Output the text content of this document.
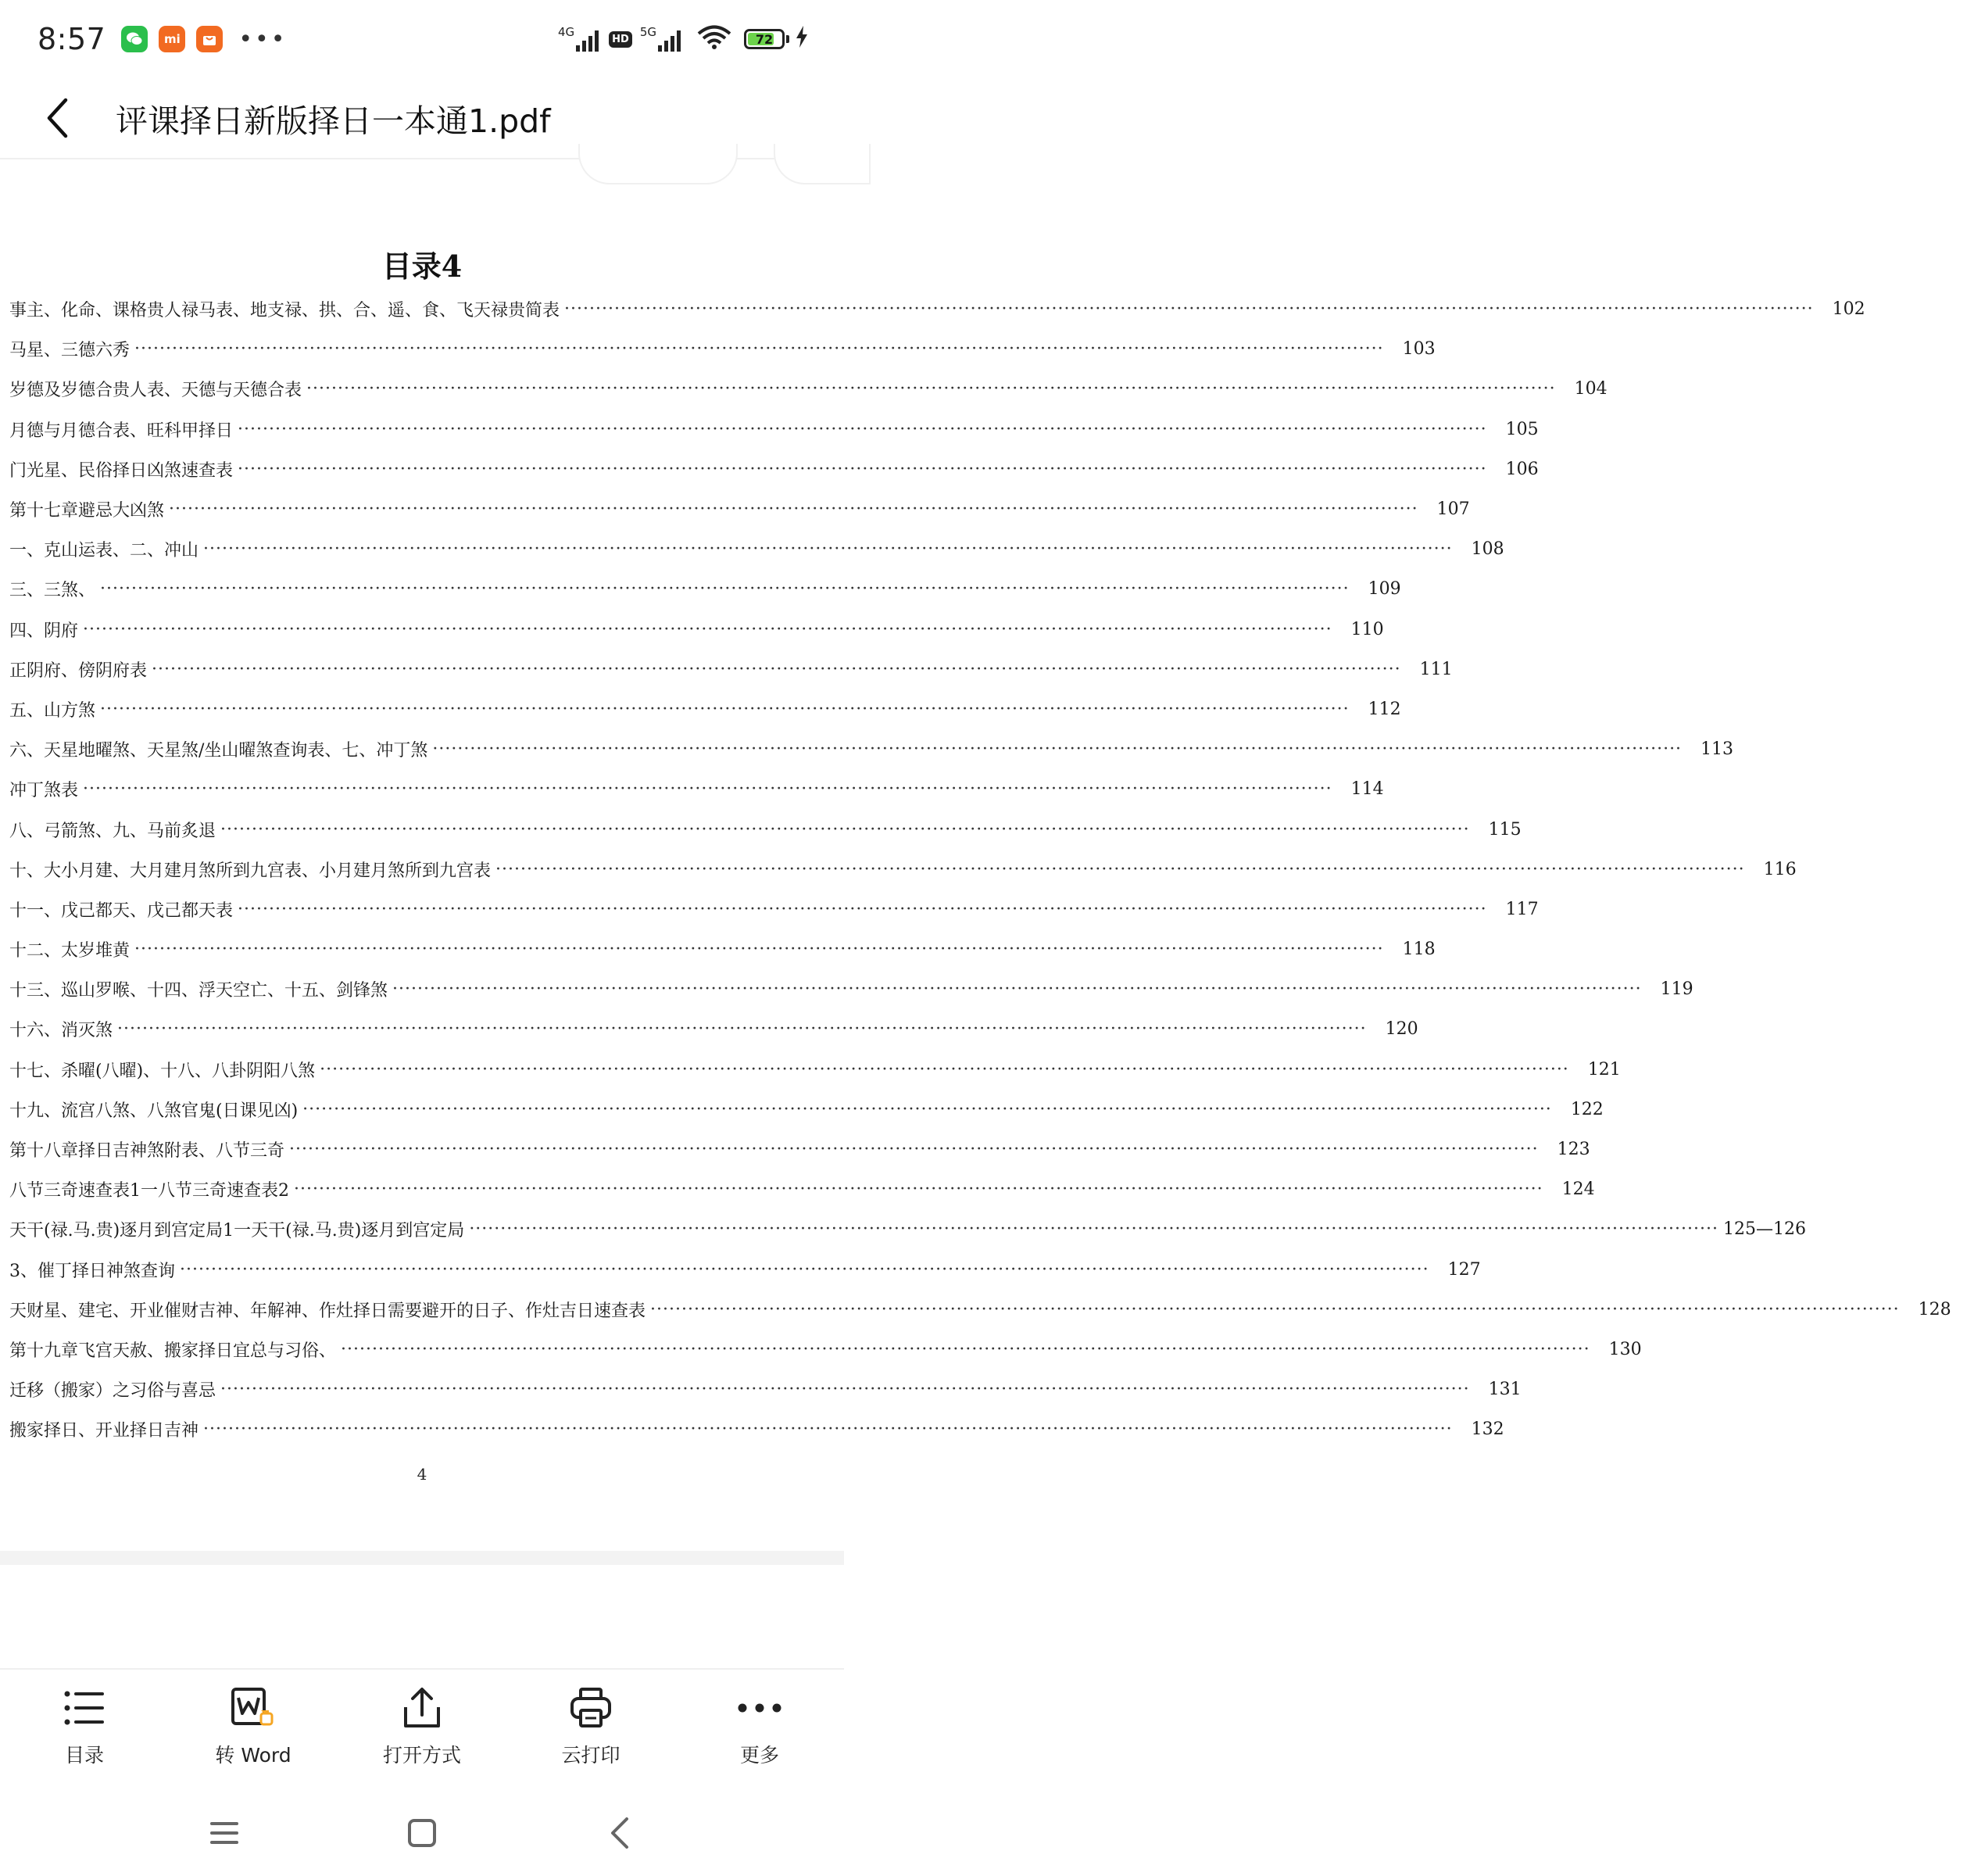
8:57	mi •••	4G	HD 5G	72
评课择日新版择日一本通1.pdf
目录4
事主、化命、课格贵人禄马表、地支禄、拱、合、遥、食、飞天禄贵简表 ········································································································································································································	102
马星、三德六秀 ········································································································································································································	103
岁德及岁德合贵人表、天德与天德合表 ········································································································································································································	104
月德与月德合表、旺科甲择日 ········································································································································································································	105
门光星、民俗择日凶煞速查表 ········································································································································································································	106
第十七章避忌大凶煞 ········································································································································································································	107
一、克山运表、二、冲山 ········································································································································································································	108
三、三煞、 ········································································································································································································	109
四、阴府 ········································································································································································································	110
正阴府、傍阴府表 ········································································································································································································	111
五、山方煞 ········································································································································································································	112
六、天星地曜煞、天星煞/坐山曜煞查询表、七、冲丁煞 ········································································································································································································	113
冲丁煞表 ········································································································································································································	114
八、弓箭煞、九、马前炙退 ········································································································································································································	115
十、大小月建、大月建月煞所到九宫表、小月建月煞所到九宫表 ········································································································································································································	116
十一、戊己都天、戊己都天表 ········································································································································································································	117
十二、太岁堆黄 ········································································································································································································	118
十三、巡山罗喉、十四、浮天空亡、十五、剑锋煞 ········································································································································································································	119
十六、消灭煞 ········································································································································································································	120
十七、杀曜(八曜)、十八、八卦阴阳八煞 ········································································································································································································	121
十九、流宫八煞、八煞官鬼(日课见凶) ········································································································································································································	122
第十八章择日吉神煞附表、八节三奇 ········································································································································································································	123
八节三奇速查表1一八节三奇速查表2 ········································································································································································································	124
天干(禄.马.贵)逐月到宫定局1一天干(禄.马.贵)逐月到宫定局 ········································································································································································································ 125—126
3、催丁择日神煞查询 ········································································································································································································	127
天财星、建宅、开业催财吉神、年解神、作灶择日需要避开的日子、作灶吉日速查表 ········································································································································································································	128
第十九章飞宫天赦、搬家择日宜总与习俗、 ········································································································································································································	130
迁移（搬家）之习俗与喜忌 ········································································································································································································	131
搬家择日、开业择日吉神 ········································································································································································································	132
4
目录	转 Word	打开方式	云打印	更多
